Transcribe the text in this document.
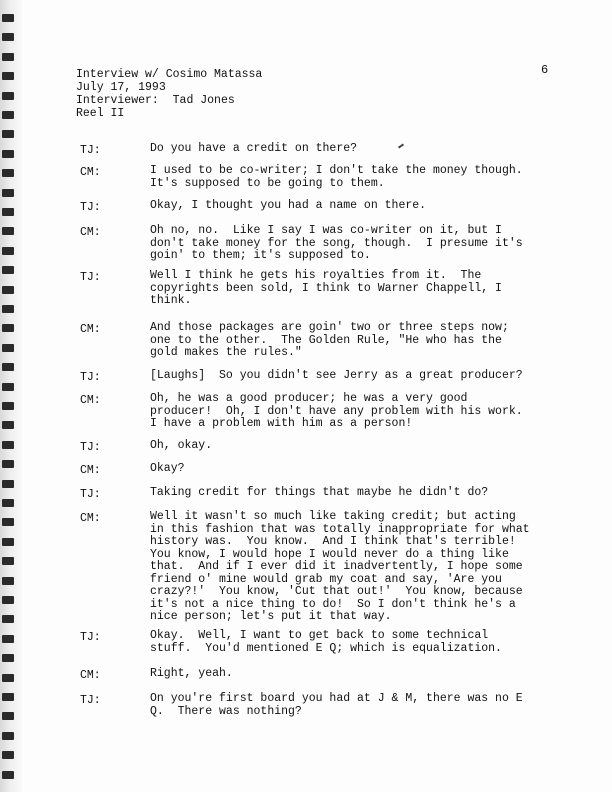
6
Interview w/ Cosimo Matassa
July 17, 1993
Interviewer: Tad Jones
Reel II
TJ:	Do you have a credit on there?
CM:	I used to be co-writer; I don't take the money though.
It's supposed to be going to them.
TJ:	Okay, I thought you had a name on there.
CM:	Oh no, no.  Like I say I was co-writer on it, but I
don't take money for the song, though.  I presume it's
goin' to them; it's supposed to.
TJ:	Well I think he gets his royalties from it.  The
copyrights been sold, I think to Warner Chappell, I
think.
CM:	And those packages are goin' two or three steps now;
one to the other.  The Golden Rule, "He who has the
gold makes the rules."
TJ:	[Laughs]  So you didn't see Jerry as a great producer?
CM:	Oh, he was a good producer; he was a very good
producer!  Oh, I don't have any problem with his work.
I have a problem with him as a person!
TJ:	Oh, okay.
CM:	Okay?
TJ:	Taking credit for things that maybe he didn't do?
CM:	Well it wasn't so much like taking credit; but acting
in this fashion that was totally inappropriate for what
history was.  You know.  And I think that's terrible!
You know, I would hope I would never do a thing like
that.  And if I ever did it inadvertently, I hope some
friend o' mine would grab my coat and say, 'Are you
crazy?!'  You know, 'Cut that out!'  You know, because
it's not a nice thing to do!  So I don't think he's a
nice person; let's put it that way.
TJ:	Okay.  Well, I want to get back to some technical
stuff.  You'd mentioned E Q; which is equalization.
CM:	Right, yeah.
TJ:	On you're first board you had at J & M, there was no E
Q.  There was nothing?
